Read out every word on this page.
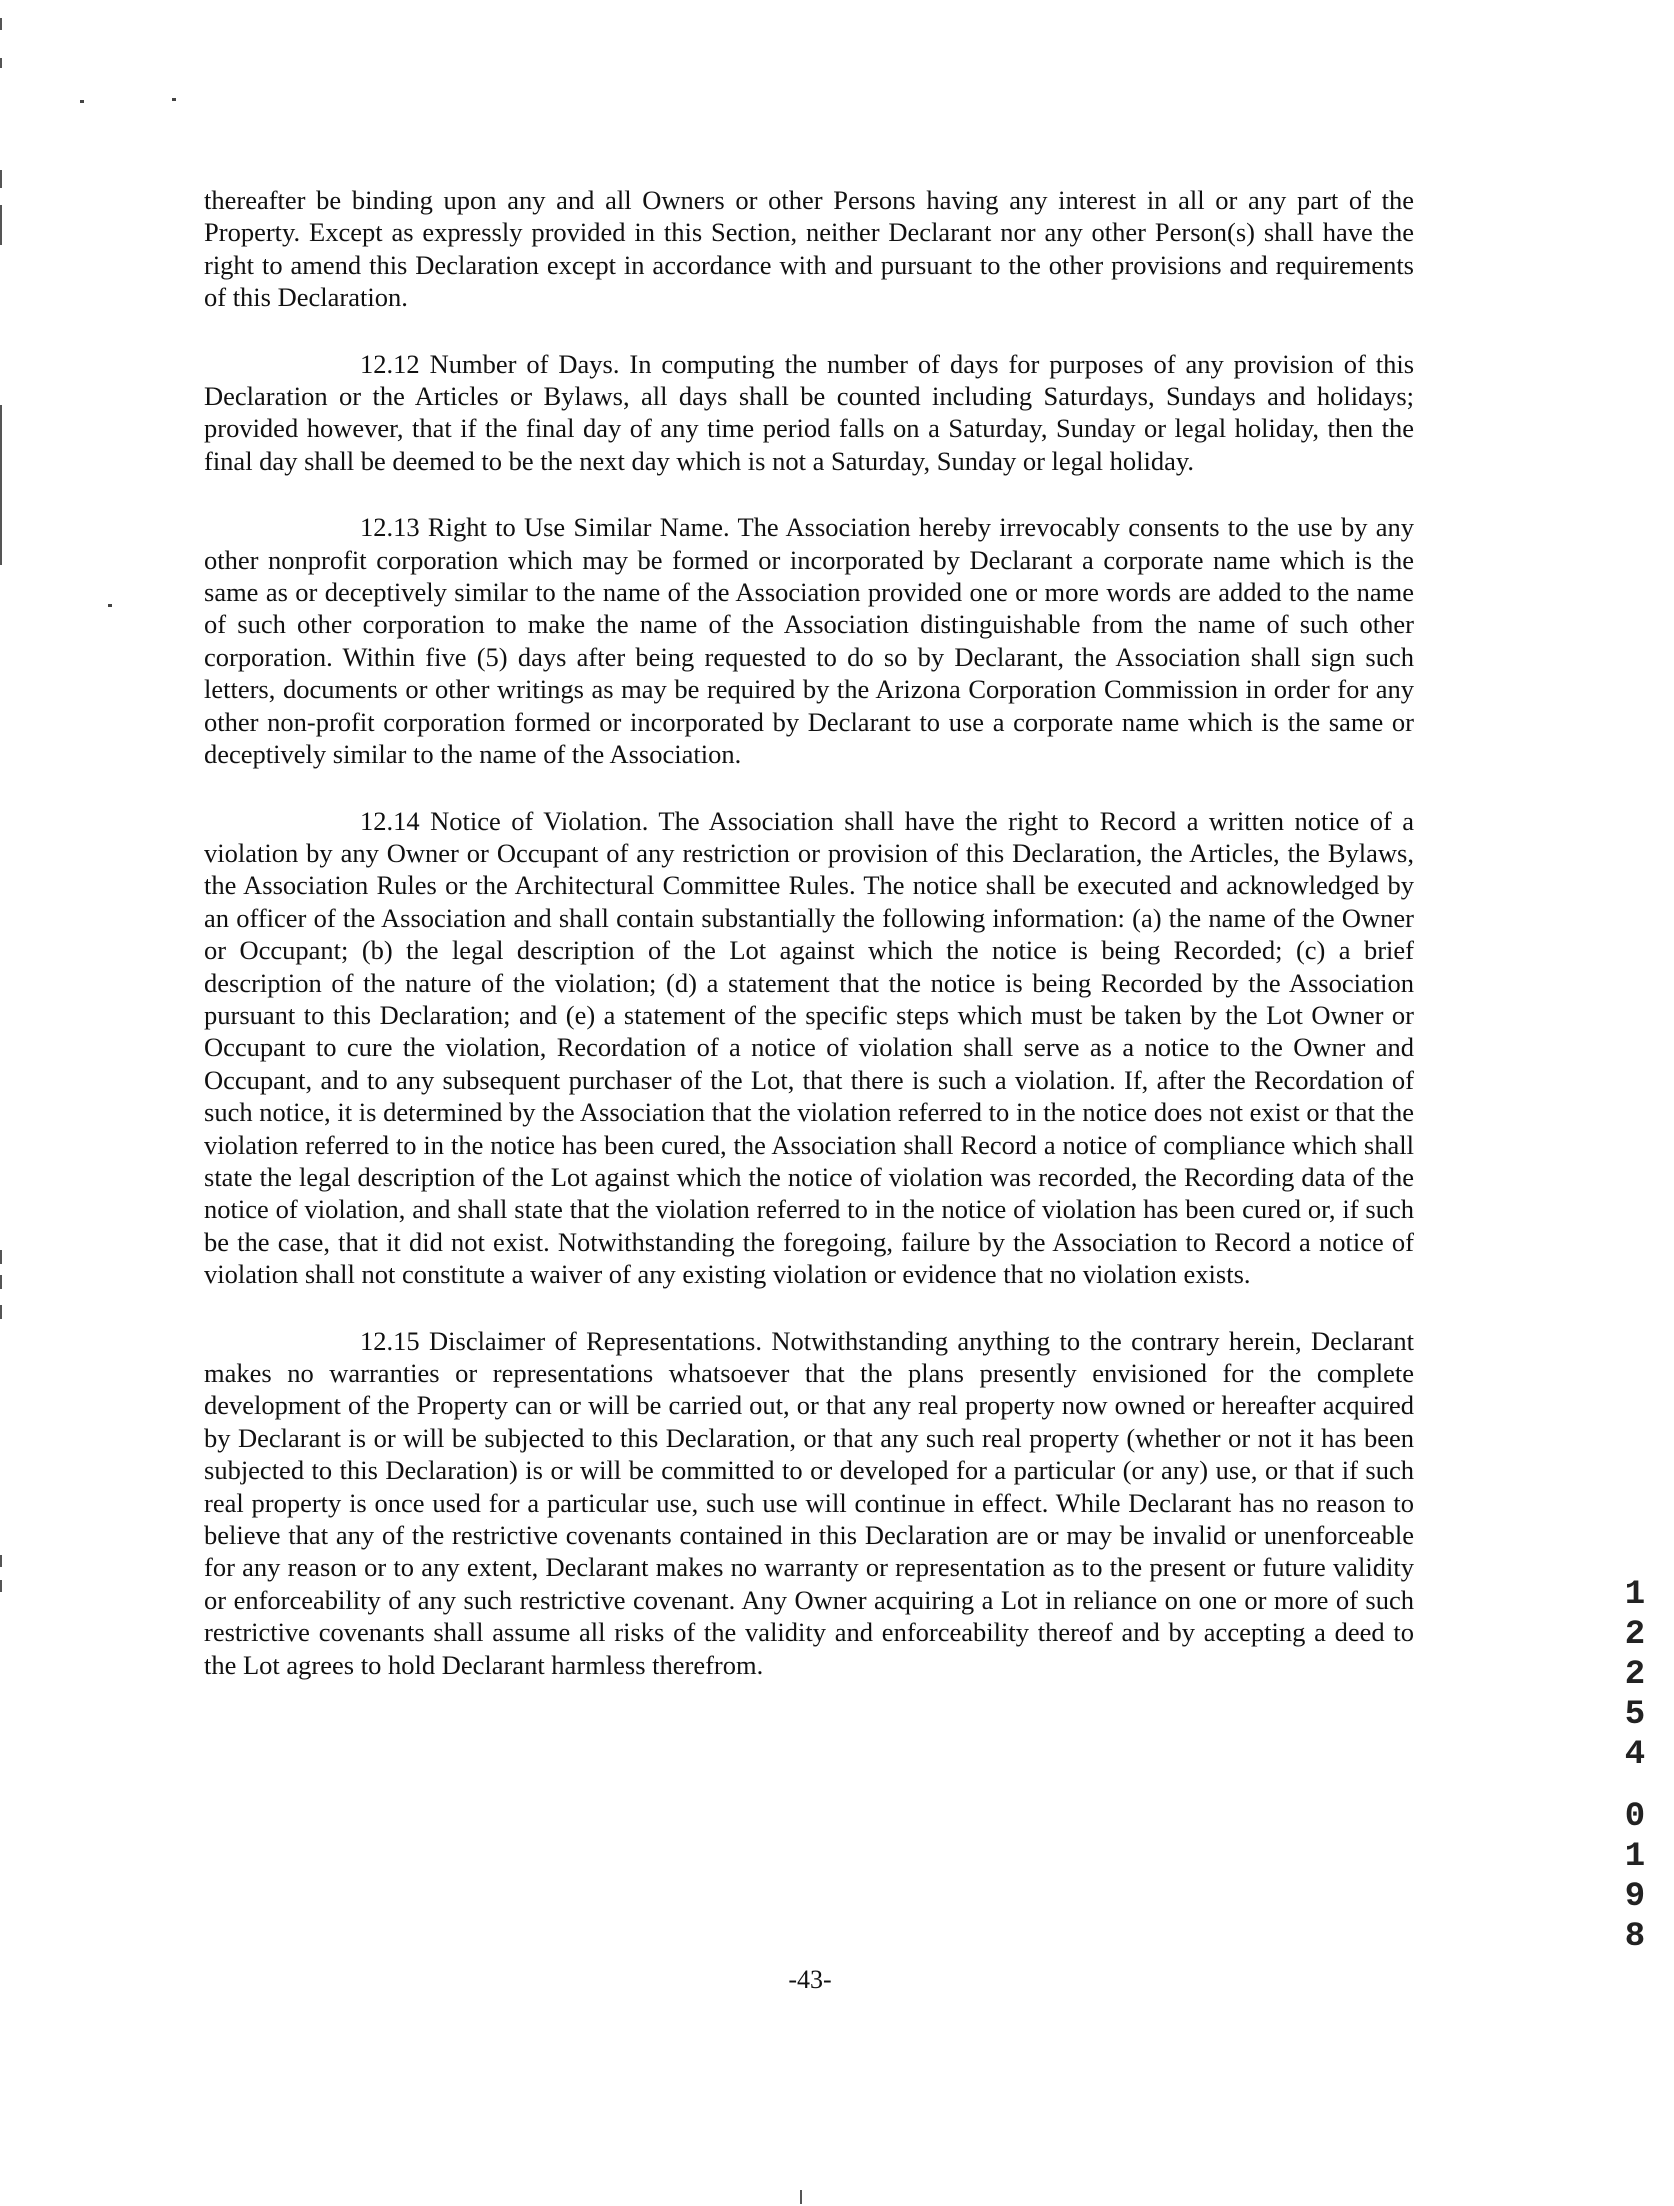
thereafter be binding upon any and all Owners or other Persons having any interest in all or any part of the Property. Except as expressly provided in this Section, neither Declarant nor any other Person(s) shall have the right to amend this Declaration except in accordance with and pursuant to the other provisions and requirements of this Declaration.

12.12 Number of Days. In computing the number of days for purposes of any provision of this Declaration or the Articles or Bylaws, all days shall be counted including Saturdays, Sundays and holidays; provided however, that if the final day of any time period falls on a Saturday, Sunday or legal holiday, then the final day shall be deemed to be the next day which is not a Saturday, Sunday or legal holiday.

12.13 Right to Use Similar Name. The Association hereby irrevocably consents to the use by any other nonprofit corporation which may be formed or incorporated by Declarant a corporate name which is the same as or deceptively similar to the name of the Association provided one or more words are added to the name of such other corporation to make the name of the Association distinguishable from the name of such other corporation. Within five (5) days after being requested to do so by Declarant, the Association shall sign such letters, documents or other writings as may be required by the Arizona Corporation Commission in order for any other non-profit corporation formed or incorporated by Declarant to use a corporate name which is the same or deceptively similar to the name of the Association.

12.14 Notice of Violation. The Association shall have the right to Record a written notice of a violation by any Owner or Occupant of any restriction or provision of this Declaration, the Articles, the Bylaws, the Association Rules or the Architectural Committee Rules. The notice shall be executed and acknowledged by an officer of the Association and shall contain substantially the following information: (a) the name of the Owner or Occupant; (b) the legal description of the Lot against which the notice is being Recorded; (c) a brief description of the nature of the violation; (d) a statement that the notice is being Recorded by the Association pursuant to this Declaration; and (e) a statement of the specific steps which must be taken by the Lot Owner or Occupant to cure the violation, Recordation of a notice of violation shall serve as a notice to the Owner and Occupant, and to any subsequent purchaser of the Lot, that there is such a violation. If, after the Recordation of such notice, it is determined by the Association that the violation referred to in the notice does not exist or that the violation referred to in the notice has been cured, the Association shall Record a notice of compliance which shall state the legal description of the Lot against which the notice of violation was recorded, the Recording data of the notice of violation, and shall state that the violation referred to in the notice of violation has been cured or, if such be the case, that it did not exist. Notwithstanding the foregoing, failure by the Association to Record a notice of violation shall not constitute a waiver of any existing violation or evidence that no violation exists.

12.15 Disclaimer of Representations. Notwithstanding anything to the contrary herein, Declarant makes no warranties or representations whatsoever that the plans presently envisioned for the complete development of the Property can or will be carried out, or that any real property now owned or hereafter acquired by Declarant is or will be subjected to this Declaration, or that any such real property (whether or not it has been subjected to this Declaration) is or will be committed to or developed for a particular (or any) use, or that if such real property is once used for a particular use, such use will continue in effect. While Declarant has no reason to believe that any of the restrictive covenants contained in this Declaration are or may be invalid or unenforceable for any reason or to any extent, Declarant makes no warranty or representation as to the present or future validity or enforceability of any such restrictive covenant. Any Owner acquiring a Lot in reliance on one or more of such restrictive covenants shall assume all risks of the validity and enforceability thereof and by accepting a deed to the Lot agrees to hold Declarant harmless therefrom.

-43-
1
2
2
5
4
0
1
9
8
